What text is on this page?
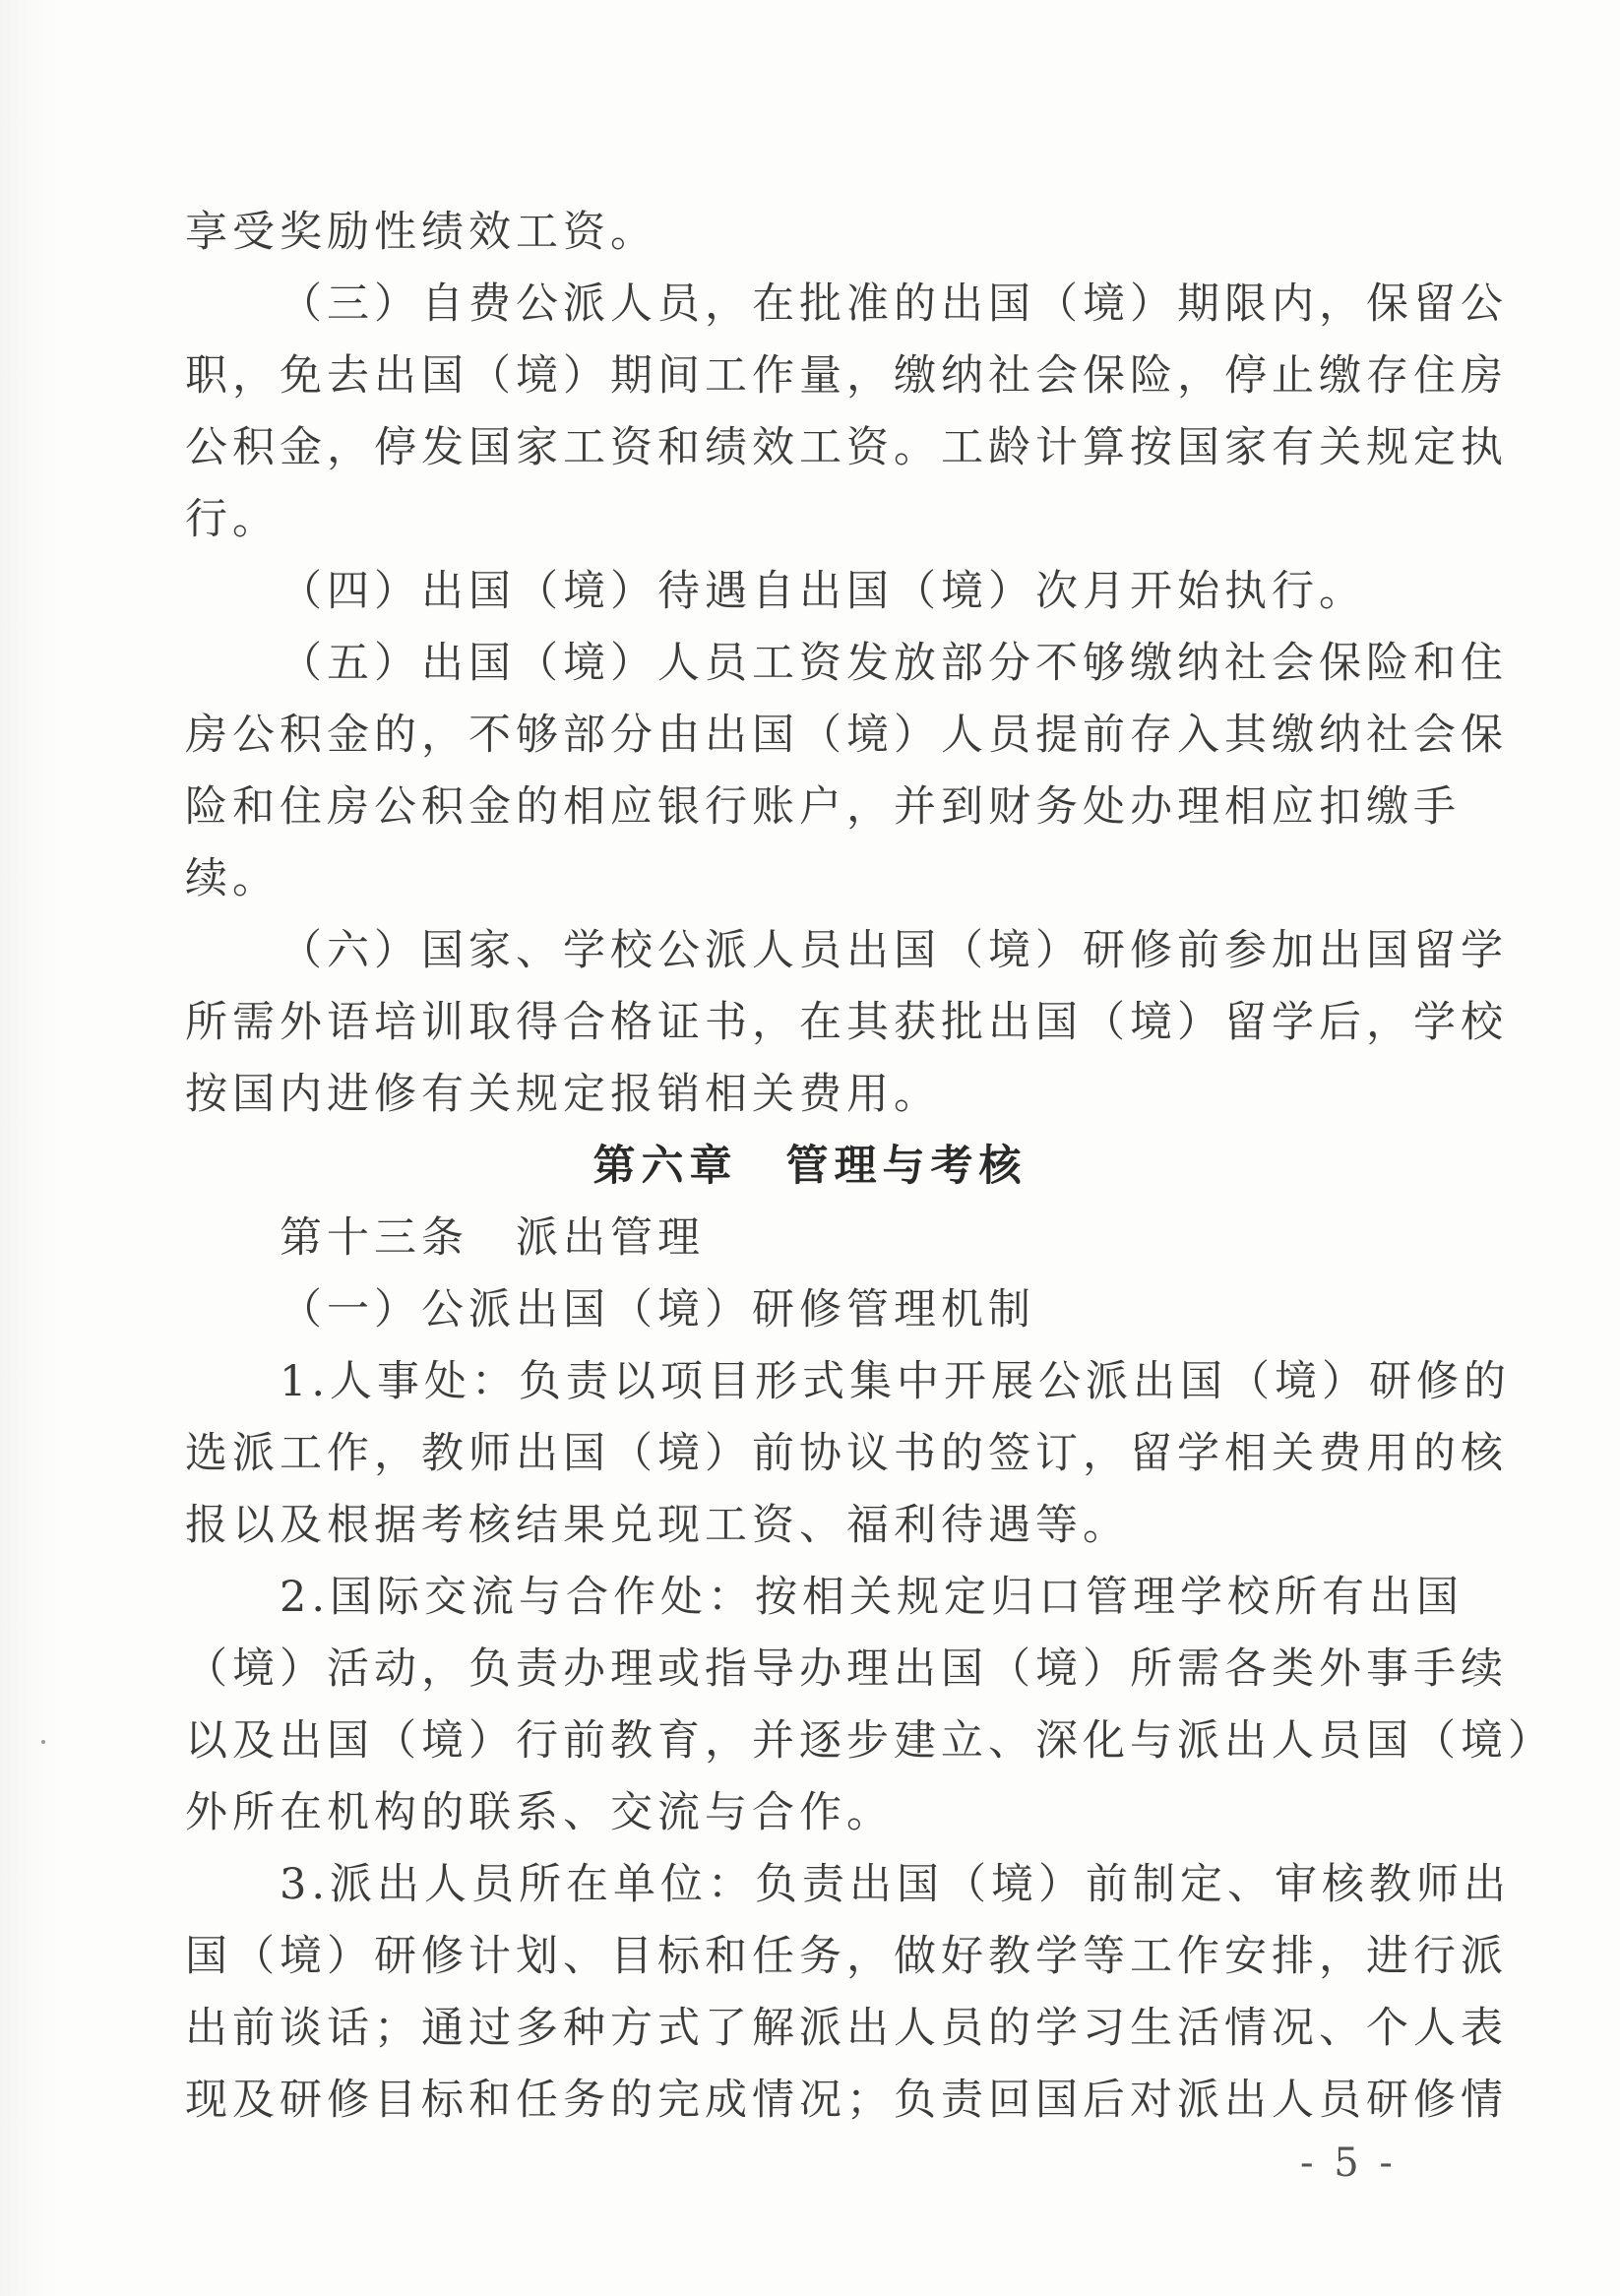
享受奖励性绩效工资。
（三）自费公派人员，在批准的出国（境）期限内，保留公
职，免去出国（境）期间工作量，缴纳社会保险，停止缴存住房
公积金，停发国家工资和绩效工资。工龄计算按国家有关规定执
行。
（四）出国（境）待遇自出国（境）次月开始执行。
（五）出国（境）人员工资发放部分不够缴纳社会保险和住
房公积金的，不够部分由出国（境）人员提前存入其缴纳社会保
险和住房公积金的相应银行账户，并到财务处办理相应扣缴手
续。
（六）国家、学校公派人员出国（境）研修前参加出国留学
所需外语培训取得合格证书，在其获批出国（境）留学后，学校
按国内进修有关规定报销相关费用。
第六章　管理与考核
第十三条　派出管理
（一）公派出国（境）研修管理机制
1.人事处：负责以项目形式集中开展公派出国（境）研修的
选派工作，教师出国（境）前协议书的签订，留学相关费用的核
报以及根据考核结果兑现工资、福利待遇等。
2.国际交流与合作处：按相关规定归口管理学校所有出国
（境）活动，负责办理或指导办理出国（境）所需各类外事手续
以及出国（境）行前教育，并逐步建立、深化与派出人员国（境）
外所在机构的联系、交流与合作。
3.派出人员所在单位：负责出国（境）前制定、审核教师出
国（境）研修计划、目标和任务，做好教学等工作安排，进行派
出前谈话；通过多种方式了解派出人员的学习生活情况、个人表
现及研修目标和任务的完成情况；负责回国后对派出人员研修情
- 5 -
